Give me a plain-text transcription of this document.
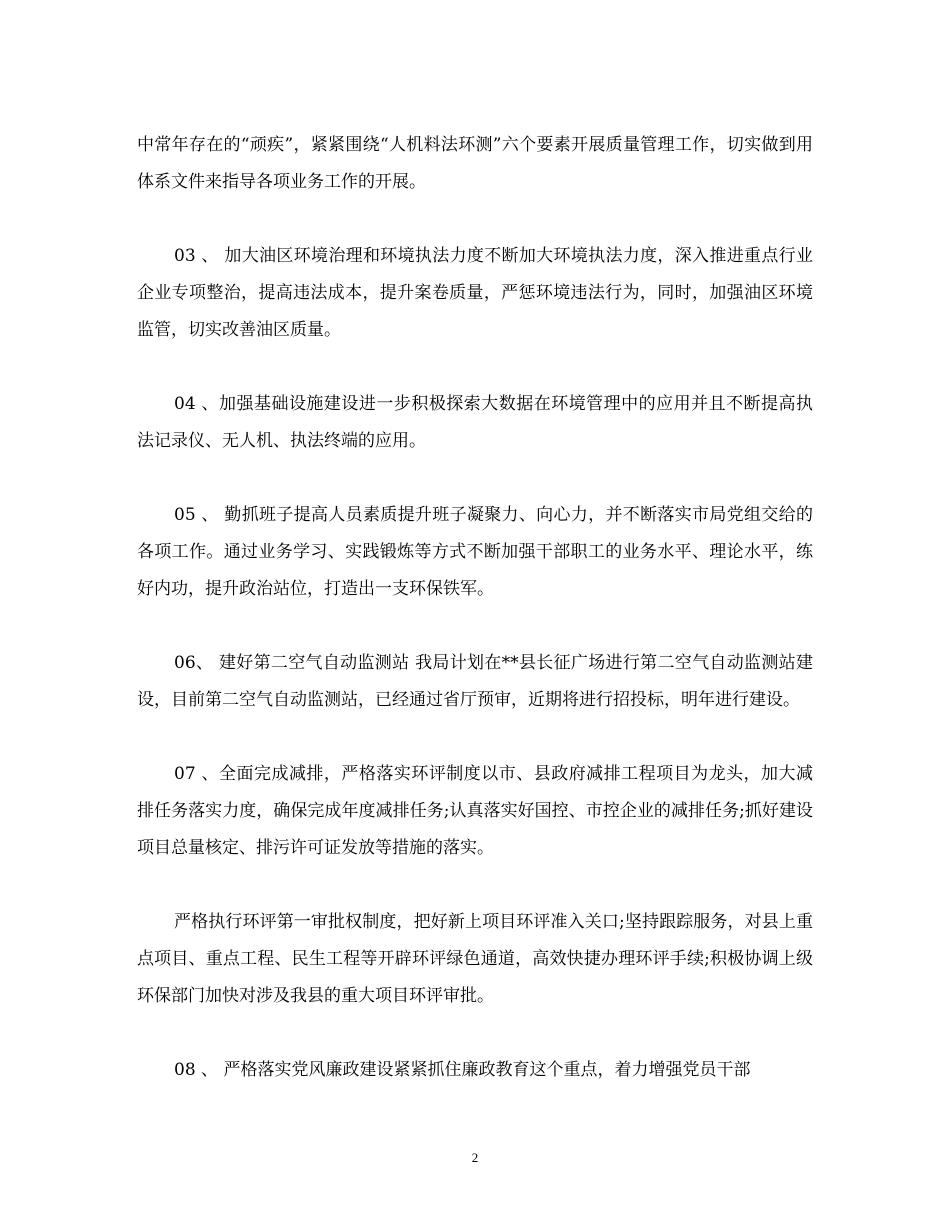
中常年存在的“顽疾”，紧紧围绕“人机料法环测”六个要素开展质量管理工作，切实做到用体系文件来指导各项业务工作的开展。

03 、 加大油区环境治理和环境执法力度不断加大环境执法力度，深入推进重点行业企业专项整治，提高违法成本，提升案卷质量，严惩环境违法行为，同时，加强油区环境监管，切实改善油区质量。

04 、加强基础设施建设进一步积极探索大数据在环境管理中的应用并且不断提高执法记录仪、无人机、执法终端的应用。

05 、 勤抓班子提高人员素质提升班子凝聚力、向心力，并不断落实市局党组交给的各项工作。通过业务学习、实践锻炼等方式不断加强干部职工的业务水平、理论水平，练好内功，提升政治站位，打造出一支环保铁军。

06、 建好第二空气自动监测站 我局计划在**县长征广场进行第二空气自动监测站建设，目前第二空气自动监测站，已经通过省厅预审，近期将进行招投标，明年进行建设。

07 、全面完成减排，严格落实环评制度以市、县政府减排工程项目为龙头，加大减排任务落实力度，确保完成年度减排任务;认真落实好国控、市控企业的减排任务;抓好建设项目总量核定、排污许可证发放等措施的落实。

严格执行环评第一审批权制度，把好新上项目环评准入关口;坚持跟踪服务，对县上重点项目、重点工程、民生工程等开辟环评绿色通道，高效快捷办理环评手续;积极协调上级环保部门加快对涉及我县的重大项目环评审批。

08 、 严格落实党风廉政建设紧紧抓住廉政教育这个重点，着力增强党员干部

2
